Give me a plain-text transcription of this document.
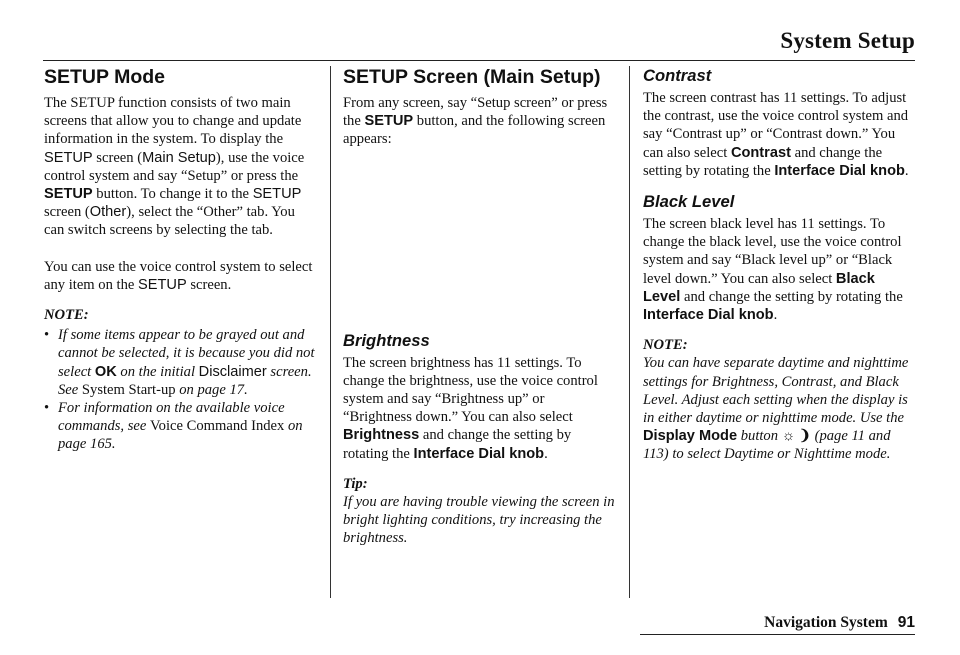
System Setup
SETUP Mode

The SETUP function consists of two main screens that allow you to change and update information in the system. To display the SETUP screen (Main Setup), use the voice control system and say “Setup” or press the SETUP button. To change it to the SETUP screen (Other), select the “Other” tab. You can switch screens by selecting the tab.

You can use the voice control system to select any item on the SETUP screen.

NOTE:

• If some items appear to be grayed out and cannot be selected, it is because you did not select OK on the initial Disclaimer screen. See System Start-up on page 17.
• For information on the available voice commands, see Voice Command Index on page 165.
SETUP Screen (Main Setup)

From any screen, say “Setup screen” or press the SETUP button, and the following screen appears:

Brightness

The screen brightness has 11 settings. To change the brightness, use the voice control system and say “Brightness up” or “Brightness down.” You can also select Brightness and change the setting by rotating the Interface Dial knob.

Tip:

If you are having trouble viewing the screen in bright lighting conditions, try increasing the brightness.

Contrast

The screen contrast has 11 settings. To adjust the contrast, use the voice control system and say “Contrast up” or “Contrast down.” You can also select Contrast and change the setting by rotating the Interface Dial knob.

Black Level

The screen black level has 11 settings. To change the black level, use the voice control system and say “Black level up” or “Black level down.” You can also select Black Level and change the setting by rotating the Interface Dial knob.

NOTE:

You can have separate daytime and nighttime settings for Brightness, Contrast, and Black Level. Adjust each setting when the display is in either daytime or nighttime mode. Use the Display Mode button ☼ ❩ (page 11 and 113) to select Daytime or Nighttime mode.

Navigation System 91
